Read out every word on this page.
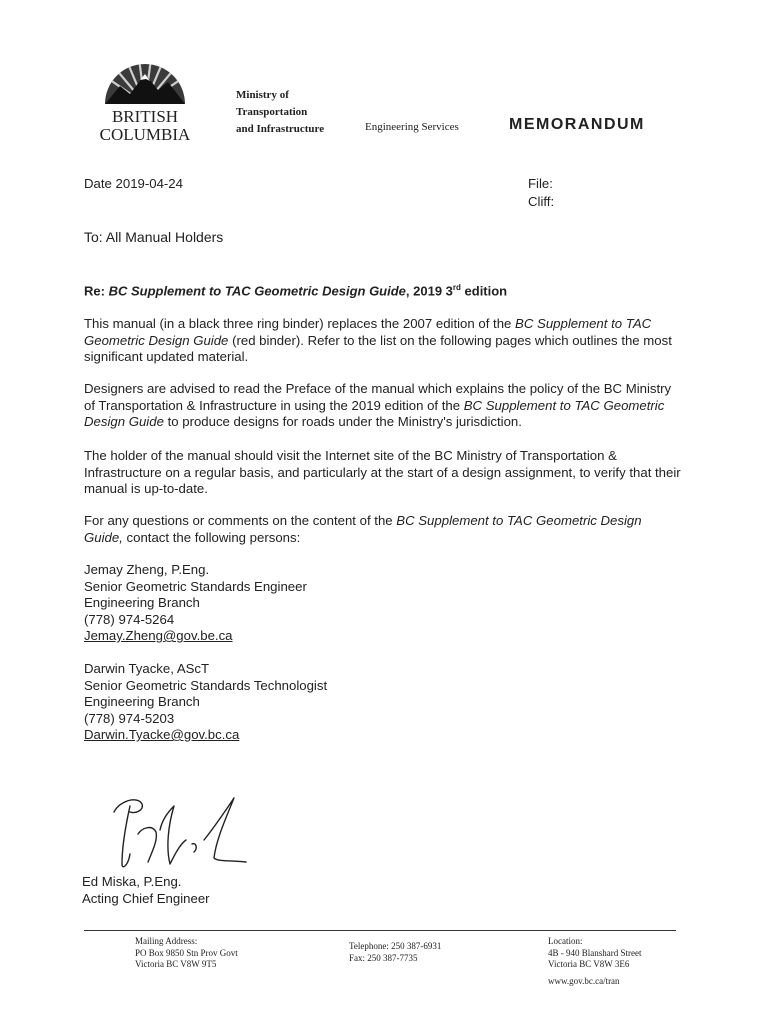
BRITISH
COLUMBIA
Ministry of
Transportation
and Infrastructure	Engineering Services	MEMORANDUM
Date 2019-04-24	File:
Cliff:
To: All Manual Holders
Re: BC Supplement to TAC Geometric Design Guide, 2019 3rd edition
This manual (in a black three ring binder) replaces the 2007 edition of the BC Supplement to TAC Geometric Design Guide (red binder). Refer to the list on the following pages which outlines the most significant updated material.
Designers are advised to read the Preface of the manual which explains the policy of the BC Ministry of Transportation & Infrastructure in using the 2019 edition of the BC Supplement to TAC Geometric Design Guide to produce designs for roads under the Ministry's jurisdiction.
The holder of the manual should visit the Internet site of the BC Ministry of Transportation & Infrastructure on a regular basis, and particularly at the start of a design assignment, to verify that their manual is up-to-date.
For any questions or comments on the content of the BC Supplement to TAC Geometric Design Guide, contact the following persons:
Jemay Zheng, P.Eng.
Senior Geometric Standards Engineer
Engineering Branch
(778) 974-5264
Jemay.Zheng@gov.be.ca
Darwin Tyacke, AScT
Senior Geometric Standards Technologist
Engineering Branch
(778) 974-5203
Darwin.Tyacke@gov.bc.ca
Ed Miska, P.Eng.
Acting Chief Engineer
Mailing Address:
PO Box 9850 Stn Prov Govt
Victoria BC V8W 9T5
Telephone: 250 387-6931
Fax: 250 387-7735
Location:
4B - 940 Blanshard Street
Victoria BC V8W 3E6
www.gov.bc.ca/tran
